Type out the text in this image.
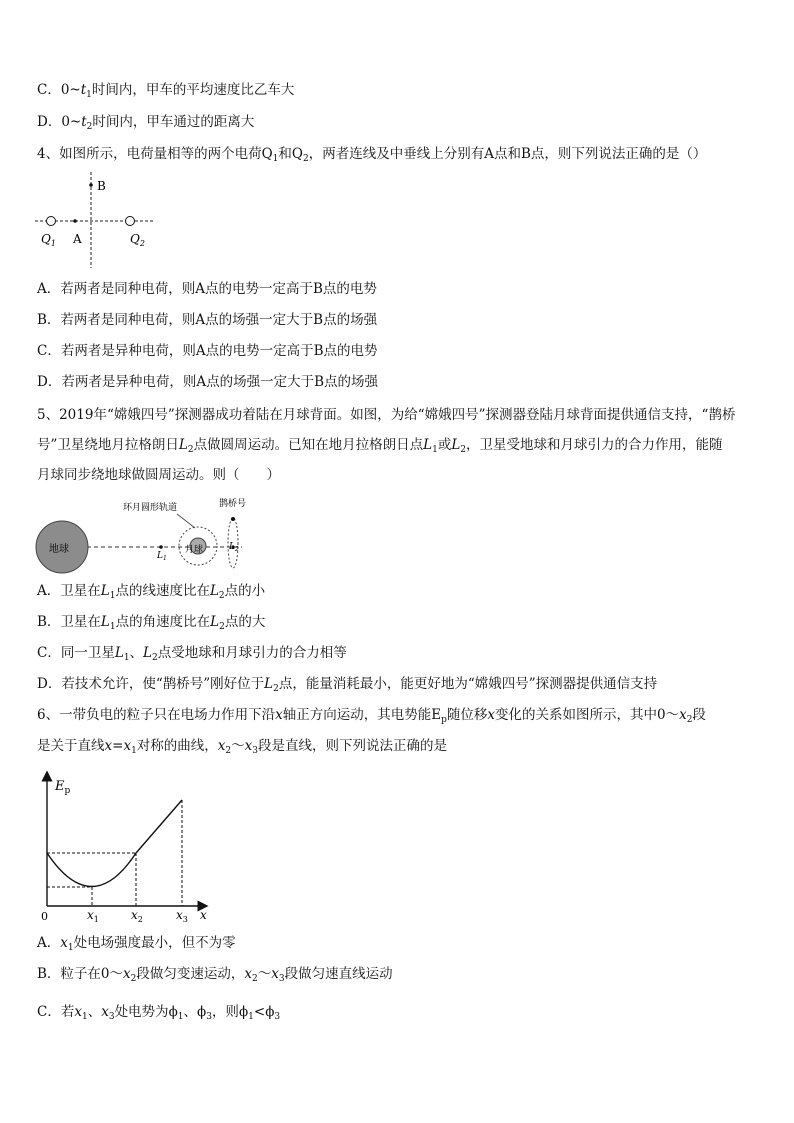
C．$0\sim t_1$时间内，甲车的平均速度比乙车大
D．$0\sim t_2$时间内，甲车通过的距离大
4、如图所示，电荷量相等的两个电荷$Q_1$和$Q_2$，两者连线及中垂线上分别有A点和B点，则下列说法正确的是（）
B
A
$Q_1$	$Q_2$
A．若两者是同种电荷，则A点的电势一定高于B点的电势
B．若两者是同种电荷，则A点的场强一定大于B点的场强
C．若两者是异种电荷，则A点的电势一定高于B点的电势
D．若两者是异种电荷，则A点的场强一定大于B点的场强
5、2019年“嫦娥四号”探测器成功着陆在月球背面。如图，为给“嫦娥四号”探测器登陆月球背面提供通信支持，“鹊桥
号”卫星绕地月拉格朗日$L_2$点做圆周运动。已知在地月拉格朗日点$L_1$或$L_2$，卫星受地球和月球引力的合力作用，能随
月球同步绕地球做圆周运动。则（　　）
地球	月球
环月圆形轨道
$L_1$
鹊桥号
$L_2$
A．卫星在$L_1$点的线速度比在$L_2$点的小
B．卫星在$L_1$点的角速度比在$L_2$点的大
C．同一卫星$L_1$、$L_2$点受地球和月球引力的合力相等
D．若技术允许，使“鹊桥号”刚好位于$L_2$点，能量消耗最小，能更好地为“嫦娥四号”探测器提供通信支持
6、一带负电的粒子只在电场力作用下沿x轴正方向运动，其电势能$E_p$随位移x变化的关系如图所示，其中$0\sim x_2$段
是关于直线$x=x_1$对称的曲线，$x_2\sim x_3$段是直线，则下列说法正确的是
$E_p$
0	$x_1$	$x_2$	$x_3$ x
A．$x_1$处电场强度最小，但不为零
B．粒子在$0\sim x_2$段做匀变速运动，$x_2\sim x_3$段做匀速直线运动
C．若$x_1$、$x_3$处电势为$\phi_1$、$\phi_3$，则$\phi_1<\phi_3$
